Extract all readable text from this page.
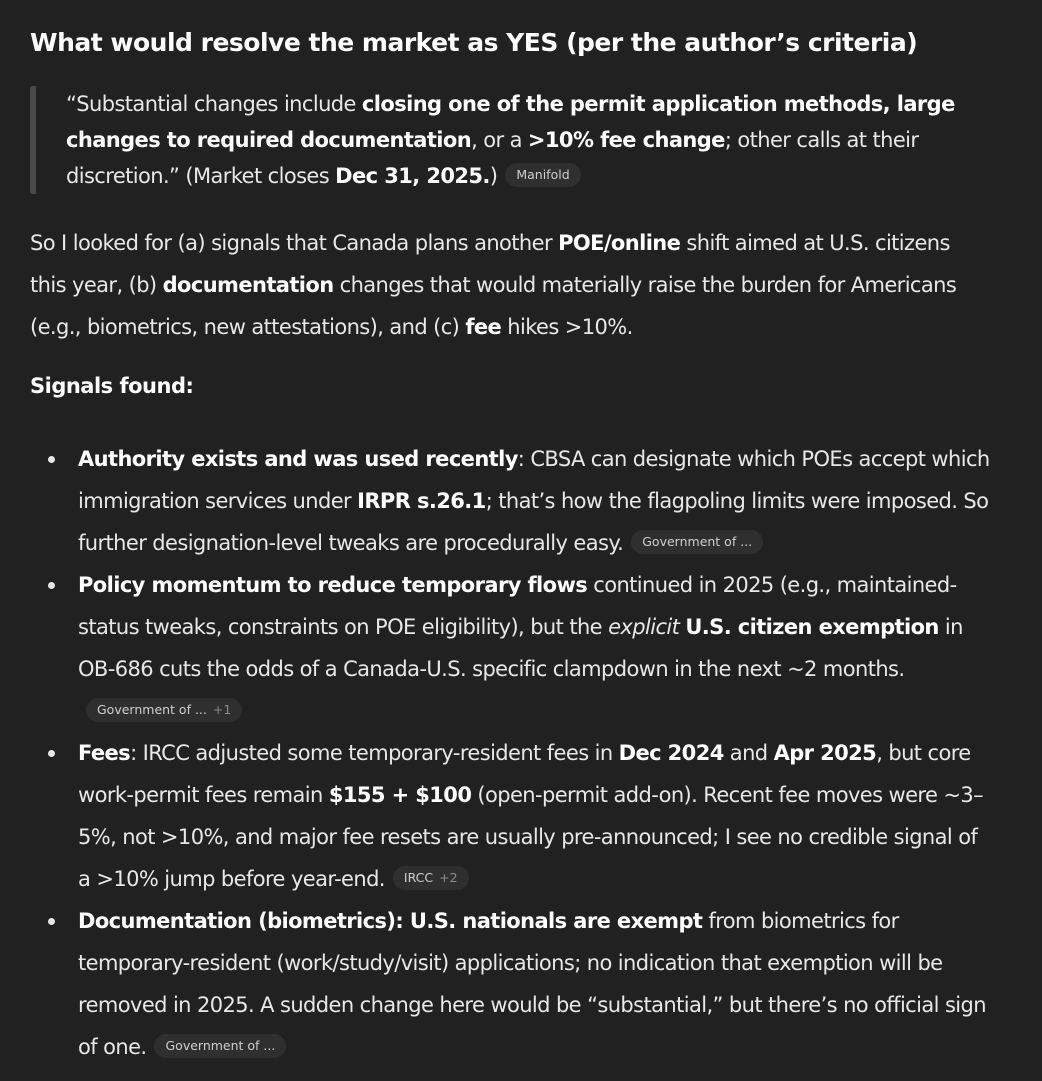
What would resolve the market as YES (per the author’s criteria)
“Substantial changes include closing one of the permit application methods, large changes to required documentation, or a >10% fee change; other calls at their discretion.” (Market closes Dec 31, 2025.) Manifold
So I looked for (a) signals that Canada plans another POE/online shift aimed at U.S. citizens this year, (b) documentation changes that would materially raise the burden for Americans (e.g., biometrics, new attestations), and (c) fee hikes >10%.
Signals found:
Authority exists and was used recently: CBSA can designate which POEs accept which immigration services under IRPR s.26.1; that’s how the flagpoling limits were imposed. So further designation-level tweaks are procedurally easy. Government of ...
Policy momentum to reduce temporary flows continued in 2025 (e.g., maintained-status tweaks, constraints on POE eligibility), but the explicit U.S. citizen exemption in OB-686 cuts the odds of a Canada-U.S. specific clampdown in the next ~2 months.Government of ... +1
Fees: IRCC adjusted some temporary-resident fees in Dec 2024 and Apr 2025, but core work-permit fees remain $155 + $100 (open-permit add-on). Recent fee moves were ~3–5%, not >10%, and major fee resets are usually pre-announced; I see no credible signal of a >10% jump before year-end. IRCC +2
Documentation (biometrics): U.S. nationals are exempt from biometrics for temporary-resident (work/study/visit) applications; no indication that exemption will be removed in 2025. A sudden change here would be “substantial,” but there’s no official sign of one. Government of ...
